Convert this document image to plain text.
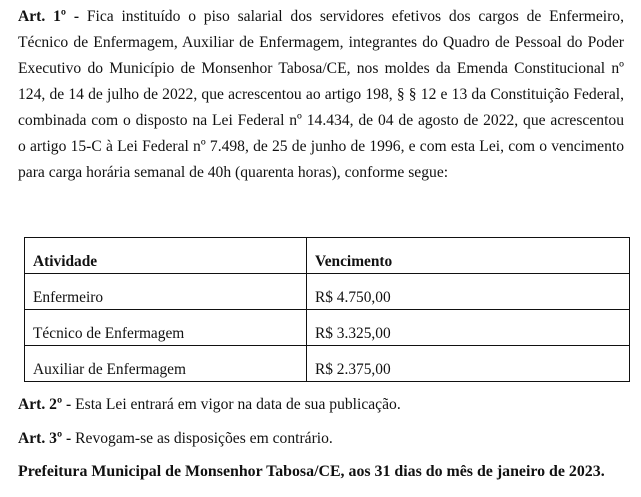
Art. 1º - Fica instituído o piso salarial dos servidores efetivos dos cargos de Enfermeiro,
Técnico de Enfermagem, Auxiliar de Enfermagem, integrantes do Quadro de Pessoal do Poder
Executivo do Município de Monsenhor Tabosa/CE, nos moldes da Emenda Constitucional nº
124, de 14 de julho de 2022, que acrescentou ao artigo 198, § § 12 e 13 da Constituição Federal,
combinada com o disposto na Lei Federal nº 14.434, de 04 de agosto de 2022, que acrescentou
o artigo 15-C à Lei Federal nº 7.498, de 25 de junho de 1996, e com esta Lei, com o vencimento
para carga horária semanal de 40h (quarenta horas), conforme segue:
Atividade	Vencimento
Enfermeiro	R$ 4.750,00
Técnico de Enfermagem	R$ 3.325,00
Auxiliar de Enfermagem	R$ 2.375,00
Art. 2º - Esta Lei entrará em vigor na data de sua publicação.
Art. 3º - Revogam-se as disposições em contrário.
Prefeitura Municipal de Monsenhor Tabosa/CE, aos 31 dias do mês de janeiro de 2023.
